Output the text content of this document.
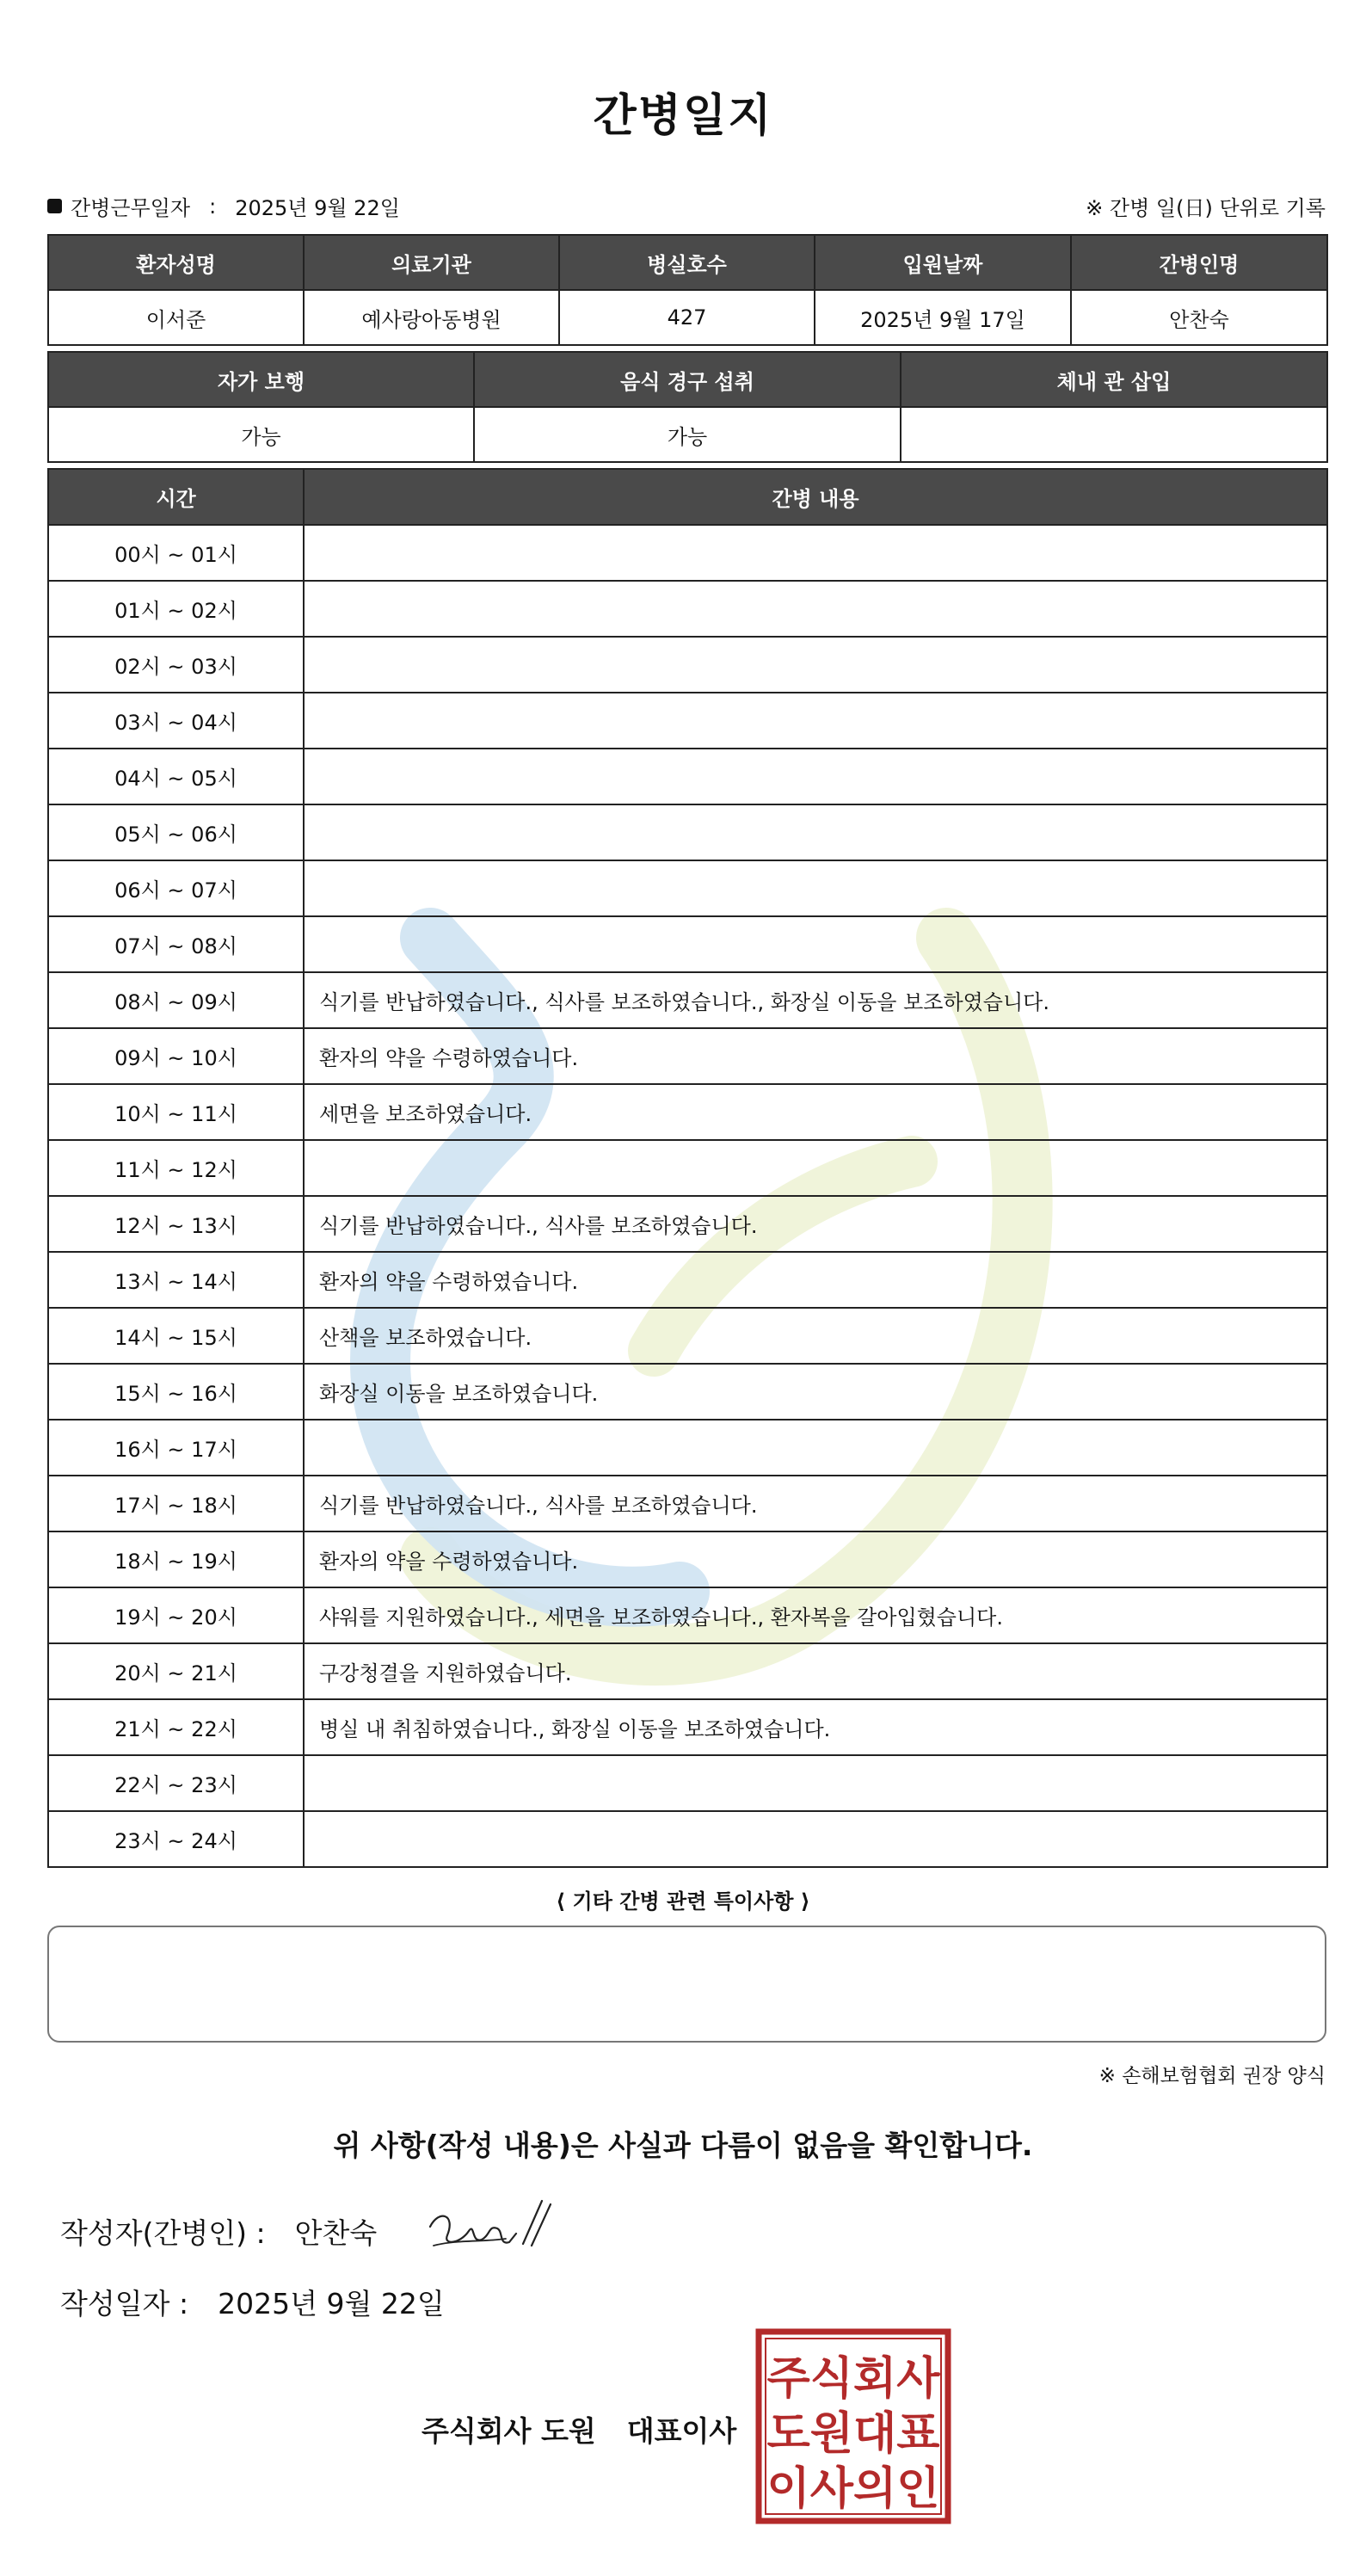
간병일지
간병근무일자 : 2025년 9월 22일	※ 간병 일(日) 단위로 기록
환자성명	의료기관	병실호수	입원날짜	간병인명
이서준	예사랑아동병원	427	2025년 9월 17일	안찬숙
자가 보행	음식 경구 섭취	체내 관 삽입
가능	가능	
시간	간병 내용
00시 ~ 01시	
01시 ~ 02시	
02시 ~ 03시	
03시 ~ 04시	
04시 ~ 05시	
05시 ~ 06시	
06시 ~ 07시	
07시 ~ 08시	
08시 ~ 09시	식기를 반납하였습니다., 식사를 보조하였습니다., 화장실 이동을 보조하였습니다.
09시 ~ 10시	환자의 약을 수령하였습니다.
10시 ~ 11시	세면을 보조하였습니다.
11시 ~ 12시	
12시 ~ 13시	식기를 반납하였습니다., 식사를 보조하였습니다.
13시 ~ 14시	환자의 약을 수령하였습니다.
14시 ~ 15시	산책을 보조하였습니다.
15시 ~ 16시	화장실 이동을 보조하였습니다.
16시 ~ 17시	
17시 ~ 18시	식기를 반납하였습니다., 식사를 보조하였습니다.
18시 ~ 19시	환자의 약을 수령하였습니다.
19시 ~ 20시	샤워를 지원하였습니다., 세면을 보조하였습니다., 환자복을 갈아입혔습니다.
20시 ~ 21시	구강청결을 지원하였습니다.
21시 ~ 22시	병실 내 취침하였습니다., 화장실 이동을 보조하였습니다.
22시 ~ 23시	
23시 ~ 24시	
⟨ 기타 간병 관련 특이사항 ⟩
※ 손해보험협회 권장 양식
위 사항(작성 내용)은 사실과 다름이 없음을 확인합니다.
작성자(간병인) : 안찬숙
작성일자 : 2025년 9월 22일
주식회사 도원 대표이사
주식회사
도원대표
이사의인
